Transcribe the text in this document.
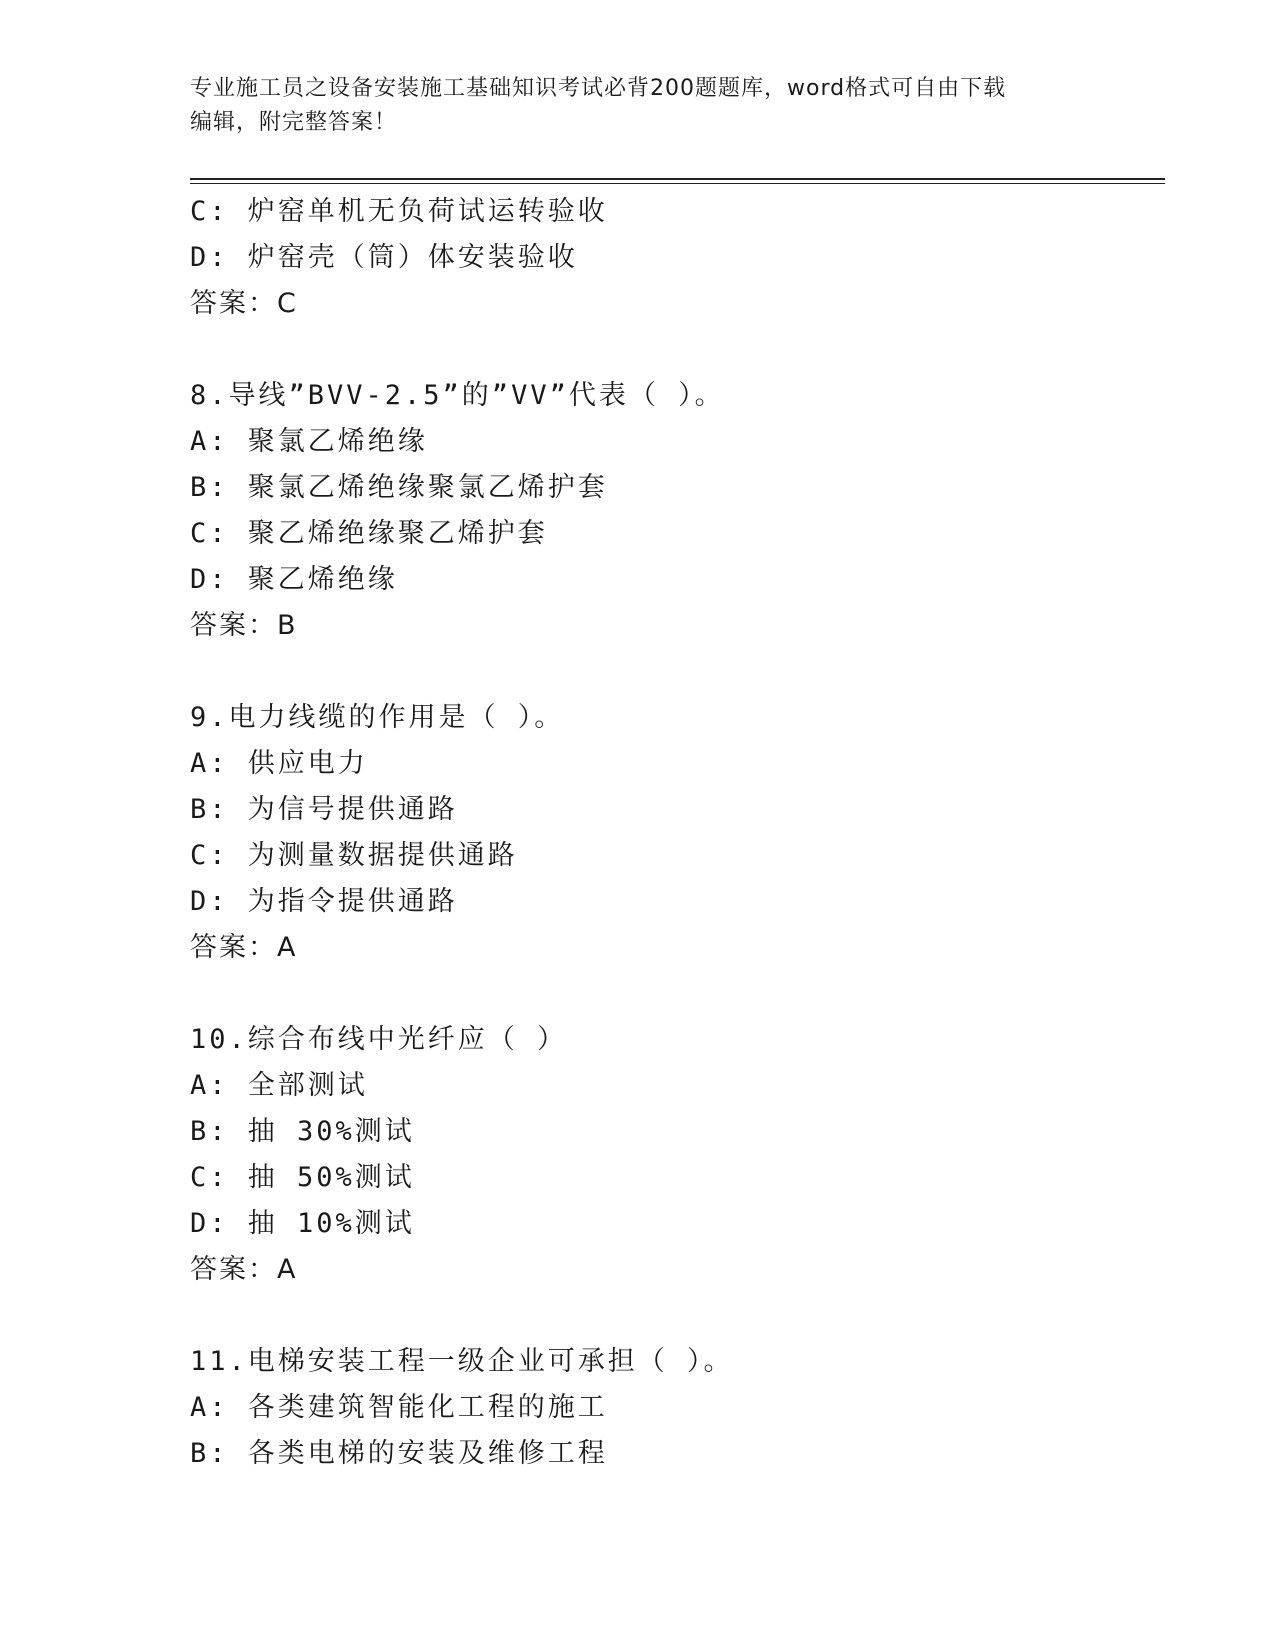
专业施工员之设备安装施工基础知识考试必背200题题库，word格式可自由下载
编辑，附完整答案！
C: 炉窑单机无负荷试运转验收
D: 炉窑壳（筒）体安装验收
答案：C
8.导线”BVV-2.5”的”VV”代表（ ）。
A: 聚氯乙烯绝缘
B: 聚氯乙烯绝缘聚氯乙烯护套
C: 聚乙烯绝缘聚乙烯护套
D: 聚乙烯绝缘
答案：B
9.电力线缆的作用是（ ）。
A: 供应电力
B: 为信号提供通路
C: 为测量数据提供通路
D: 为指令提供通路
答案：A
10.综合布线中光纤应（ ）
A: 全部测试
B: 抽 30%测试
C: 抽 50%测试
D: 抽 10%测试
答案：A
11.电梯安装工程一级企业可承担（ ）。
A: 各类建筑智能化工程的施工
B: 各类电梯的安装及维修工程
